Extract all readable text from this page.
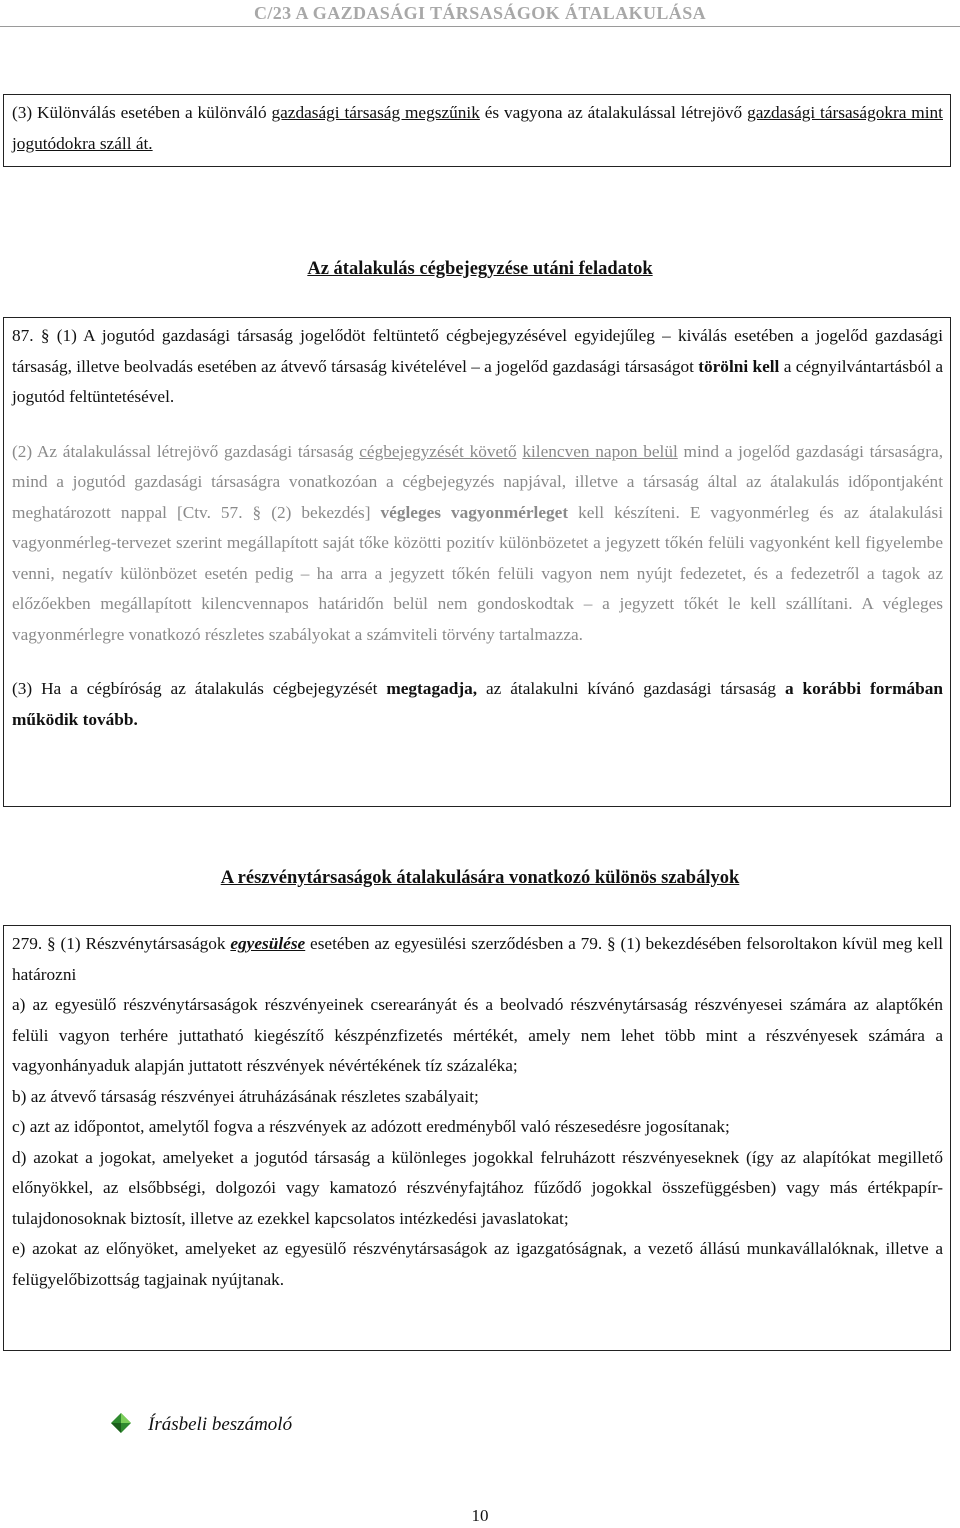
C/23 A GAZDASÁGI TÁRSASÁGOK ÁTALAKULÁSA

(3) Különválás esetében a különváló gazdasági társaság megszűnik és vagyona az átalakulással létrejövő gazdasági társaságokra mint jogutódokra száll át.

Az átalakulás cégbejegyzése utáni feladatok

87. § (1) A jogutód gazdasági társaság jogelődöt feltüntető cégbejegyzésével egyidejűleg – kiválás esetében a jogelőd gazdasági társaság, illetve beolvadás esetében az átvevő társaság kivételével – a jogelőd gazdasági társaságot törölni kell a cégnyilvántartásból a jogutód feltüntetésével.

(2) Az átalakulással létrejövő gazdasági társaság cégbejegyzését követő kilencven napon belül mind a jogelőd gazdasági társaságra, mind a jogutód gazdasági társaságra vonatkozóan a cégbejegyzés napjával, illetve a társaság által az átalakulás időpontjaként meghatározott nappal [Ctv. 57. § (2) bekezdés] végleges vagyonmérleget kell készíteni. E vagyonmérleg és az átalakulási vagyonmérleg-tervezet szerint megállapított saját tőke közötti pozitív különbözetet a jegyzett tőkén felüli vagyonként kell figyelembe venni, negatív különbözet esetén pedig – ha arra a jegyzett tőkén felüli vagyon nem nyújt fedezetet, és a fedezetről a tagok az előzőekben megállapított kilencvennapos határidőn belül nem gondoskodtak – a jegyzett tőkét le kell szállítani. A végleges vagyonmérlegre vonatkozó részletes szabályokat a számviteli törvény tartalmazza.

(3) Ha a cégbíróság az átalakulás cégbejegyzését megtagadja, az átalakulni kívánó gazdasági társaság a korábbi formában működik tovább.

A részvénytársaságok átalakulására vonatkozó különös szabályok

279. § (1) Részvénytársaságok egyesülése esetében az egyesülési szerződésben a 79. § (1) bekezdésében felsoroltakon kívül meg kell határozni

a) az egyesülő részvénytársaságok részvényeinek cserearányát és a beolvadó részvénytársaság részvényesei számára az alaptőkén felüli vagyon terhére juttatható kiegészítő készpénzfizetés mértékét, amely nem lehet több mint a részvényesek számára a vagyonhányaduk alapján juttatott részvények névértékének tíz százaléka;

b) az átvevő társaság részvényei átruházásának részletes szabályait;

c) azt az időpontot, amelytől fogva a részvények az adózott eredményből való részesedésre jogosítanak;

d) azokat a jogokat, amelyeket a jogutód társaság a különleges jogokkal felruházott részvényeseknek (így az alapítókat megillető előnyökkel, az elsőbbségi, dolgozói vagy kamatozó részvényfajtához fűződő jogokkal összefüggésben) vagy más értékpapír-tulajdonosoknak biztosít, illetve az ezekkel kapcsolatos intézkedési javaslatokat;

e) azokat az előnyöket, amelyeket az egyesülő részvénytársaságok az igazgatóságnak, a vezető állású munkavállalóknak, illetve a felügyelőbizottság tagjainak nyújtanak.

Írásbeli beszámoló
10
